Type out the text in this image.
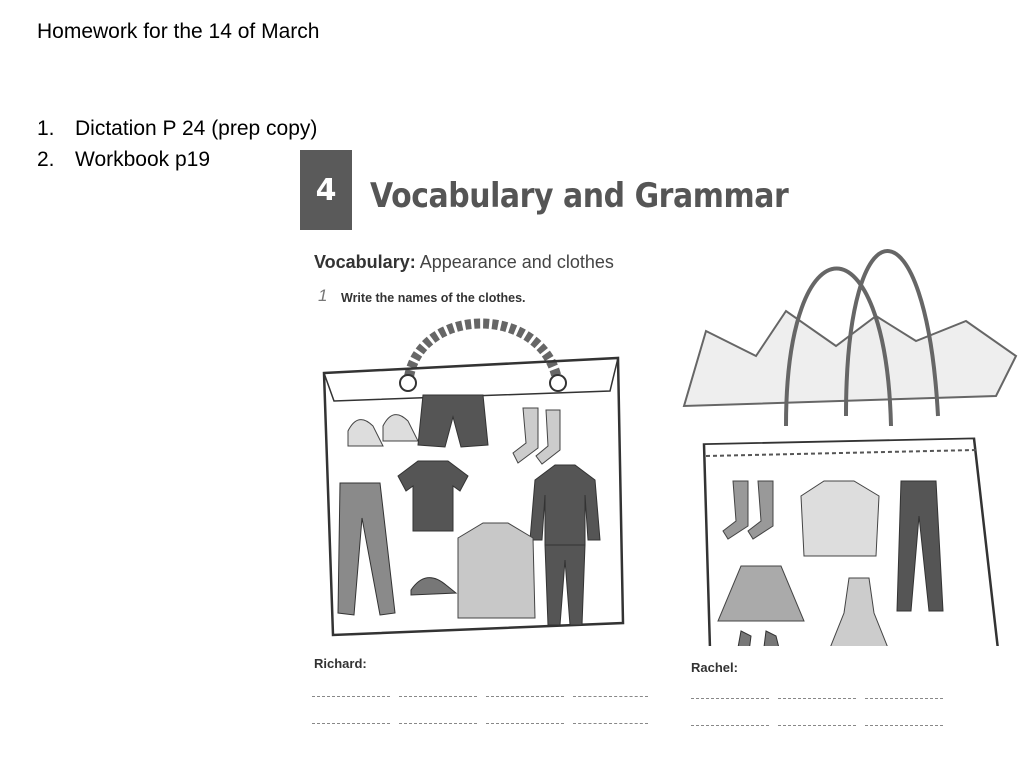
Homework for the 14 of March
1. Dictation P 24 (prep copy)
2. Workbook p19
4 Vocabulary and Grammar
Vocabulary: Appearance and clothes
1 Write the names of the clothes.
Richard:	Rachel:
